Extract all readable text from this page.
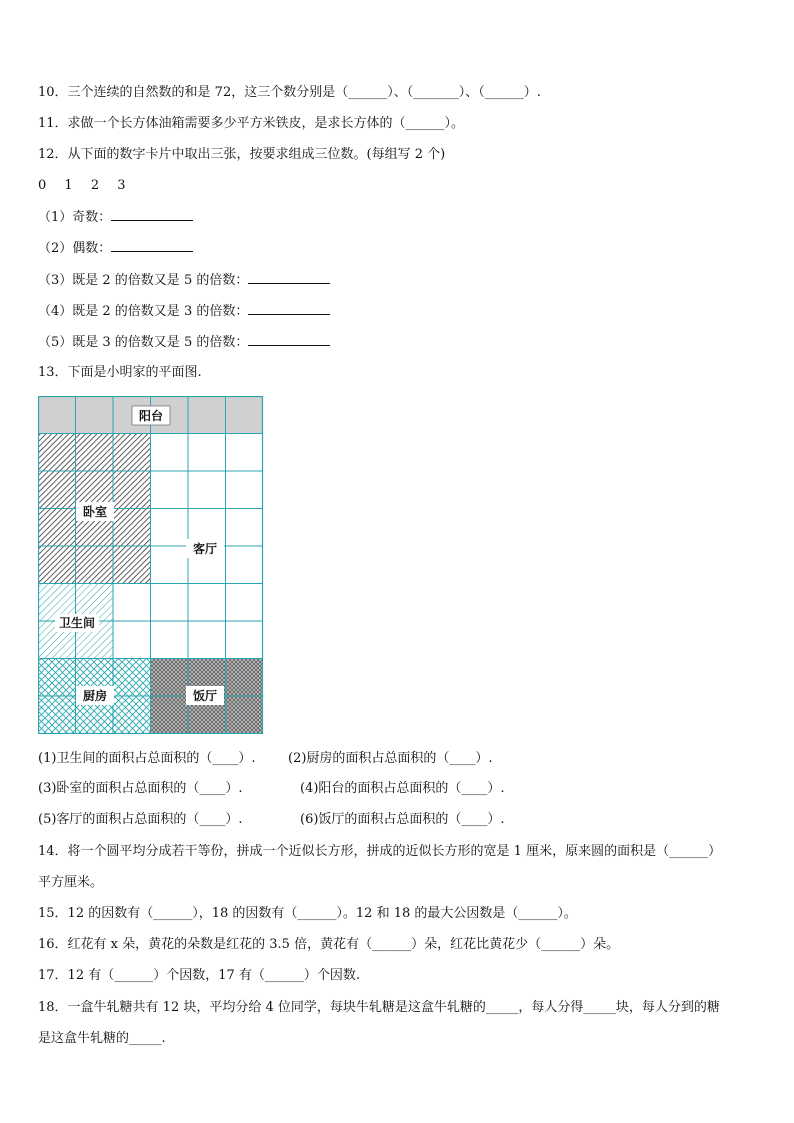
10．三个连续的自然数的和是 72，这三个数分别是（______）、（_______）、（______）.
11．求做一个长方体油箱需要多少平方米铁皮，是求长方体的（______）。
12．从下面的数字卡片中取出三张，按要求组成三位数。(每组写 2 个)
0 1 2 3
（1）奇数：
（2）偶数：
（3）既是 2 的倍数又是 5 的倍数：
（4）既是 2 的倍数又是 3 的倍数：
（5）既是 3 的倍数又是 5 的倍数：
13．下面是小明家的平面图.
阳台
卧室
客厅
卫生间
厨房	饭厅
(1)卫生间的面积占总面积的（____）. (2)厨房的面积占总面积的（____）.
(3)卧室的面积占总面积的（____）.	(4)阳台的面积占总面积的（____）.
(5)客厅的面积占总面积的（____）.	(6)饭厅的面积占总面积的（____）.
14．将一个圆平均分成若干等份，拼成一个近似长方形，拼成的近似长方形的宽是 1 厘米，原来圆的面积是（______）
平方厘米。
15．12 的因数有（______），18 的因数有（______）。12 和 18 的最大公因数是（______）。
16．红花有 x 朵，黄花的朵数是红花的 3.5 倍，黄花有（______）朵，红花比黄花少（______）朵。
17．12 有（______）个因数，17 有（______）个因数.
18．一盒牛轧糖共有 12 块，平均分给 4 位同学，每块牛轧糖是这盒牛轧糖的_____，每人分得_____块，每人分到的糖
是这盒牛轧糖的_____.
